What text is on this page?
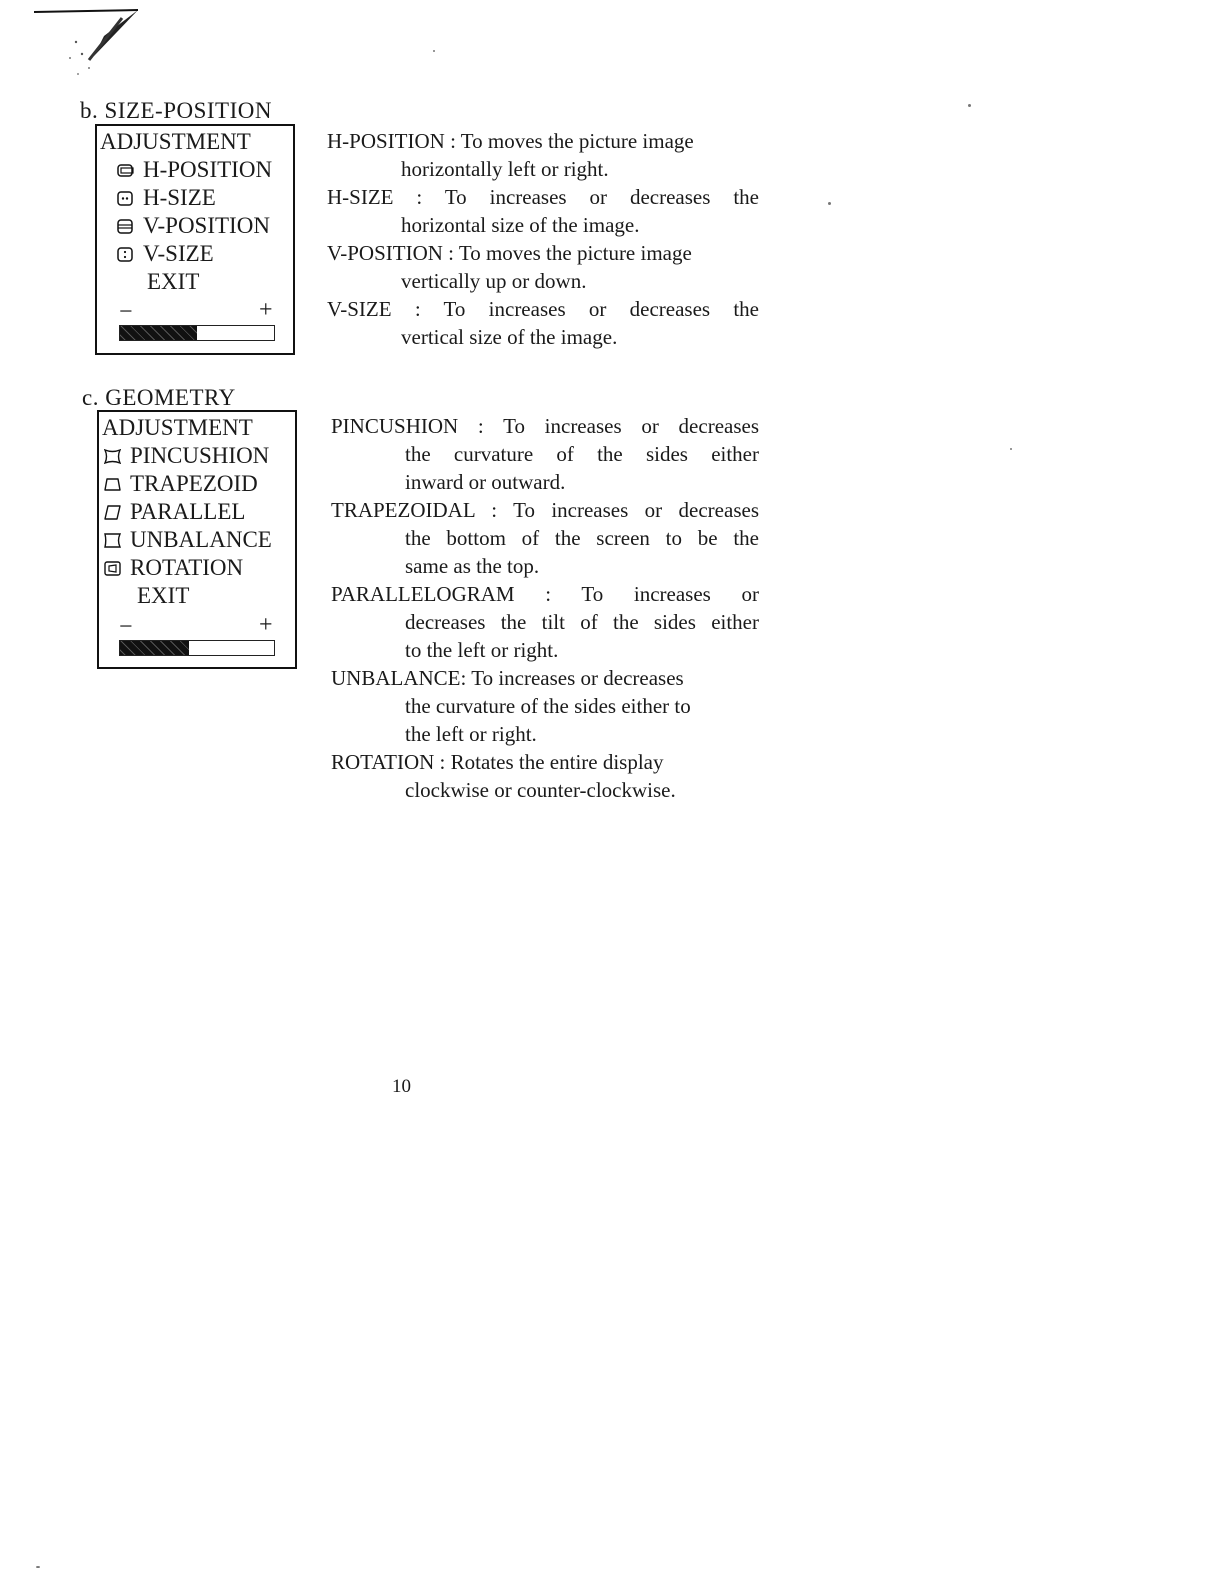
b. SIZE-POSITION
ADJUSTMENT
H-POSITION
H-SIZE
V-POSITION
V-SIZE
EXIT
−	+
H-POSITION : To moves the picture image
horizontally left or right.
H-SIZE : To increases or decreases the
horizontal size of the image.
V-POSITION : To moves the picture image
vertically up or down.
V-SIZE : To increases or decreases the
vertical size of the image.
c. GEOMETRY
ADJUSTMENT
PINCUSHION
TRAPEZOID
PARALLEL
UNBALANCE
ROTATION
EXIT
−	+
PINCUSHION : To increases or decreases
the curvature of the sides either
inward or outward.
TRAPEZOIDAL : To increases or decreases
the bottom of the screen to be the
same as the top.
PARALLELOGRAM : To increases or
decreases the tilt of the sides either
to the left or right.
UNBALANCE: To increases or decreases
the curvature of the sides either to
the left or right.
ROTATION : Rotates the entire display
clockwise or counter-clockwise.
10
